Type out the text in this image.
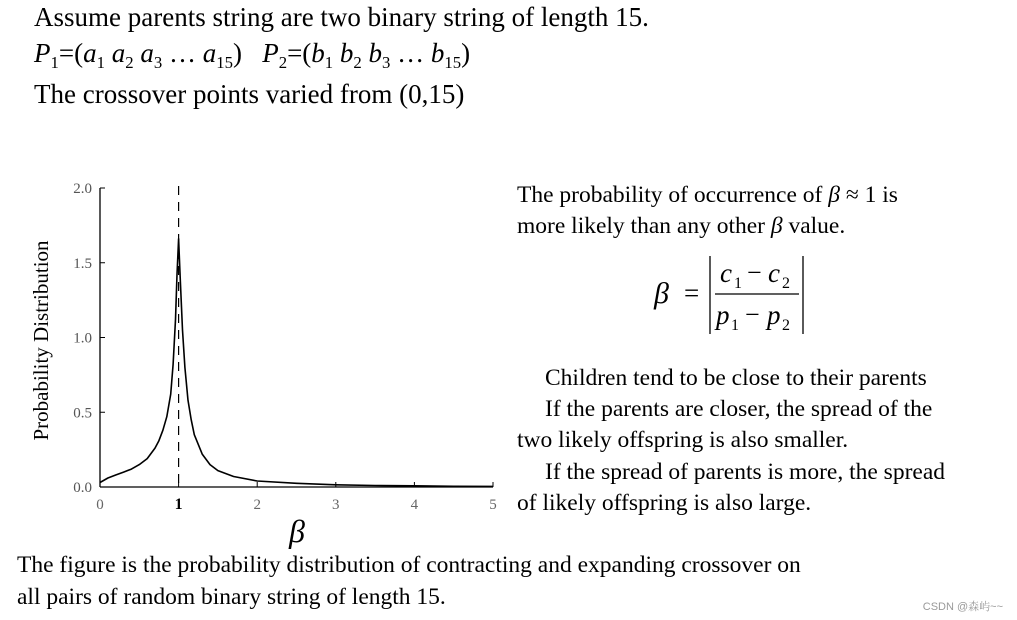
Assume parents string are two binary string of length 15.
$P_1=(a_1$ $a_2$ $a_3$ … $a_{15}$) $P_2=(b_1$ $b_2$ $b_3$ … $b_{15}$)
The crossover points varied from (0,15)
0.0
0.5
1.0
1.5
2.0
0	1	2	3	4	5
Probability Distribution
β
The probability of occurrence of β ≈ 1 is
more likely than any other β value.
β =
c 1 − c 2
p 1 − p 2
Children tend to be close to their parents
If the parents are closer, the spread of the
two likely offspring is also smaller.
If the spread of parents is more, the spread
of likely offspring is also large.
The figure is the probability distribution of contracting and expanding crossover on
all pairs of random binary string of length 15.	CSDN @森屿~~
